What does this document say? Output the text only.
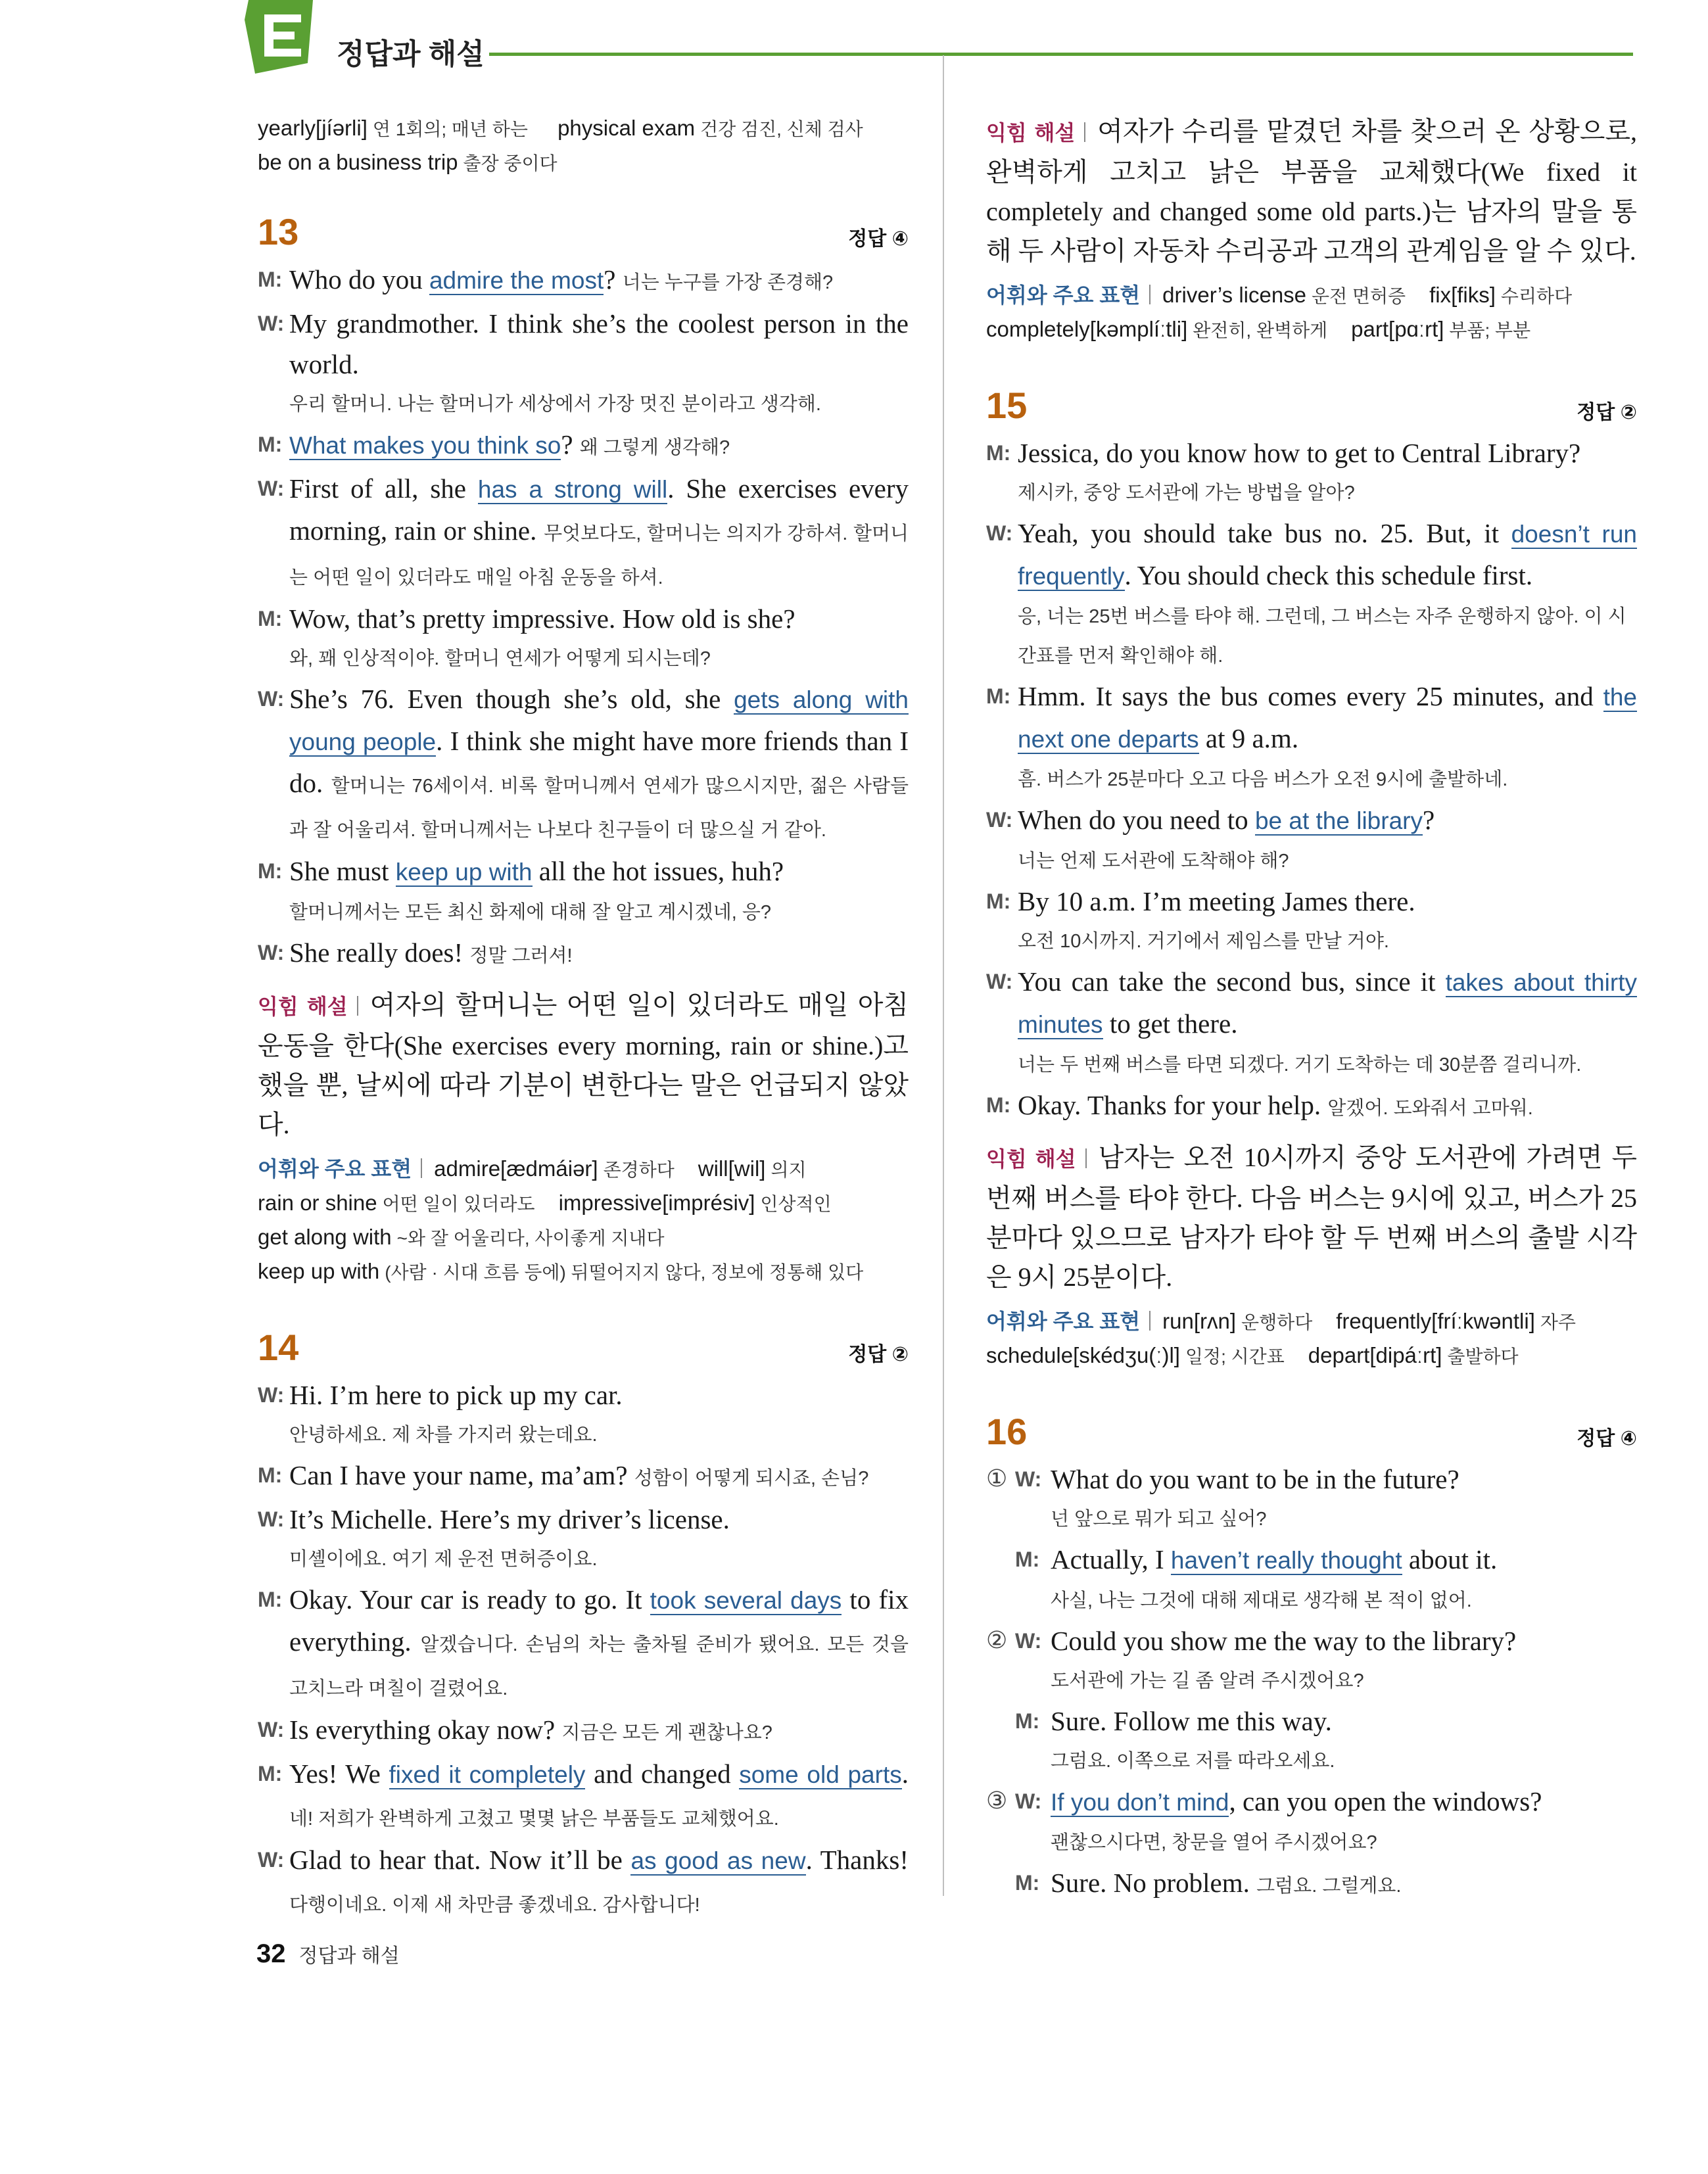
정답과 해설
yearly[jíərli] 연 1회의; 매년 하는 physical exam 건강 검진, 신체 검사
be on a business trip 출장 중이다
13	정답 ④
M: Who do you admire the most? 너는 누구를 가장 존경해?
W: My grandmother. I think she’s the coolest person in the world.
우리 할머니. 나는 할머니가 세상에서 가장 멋진 분이라고 생각해.
M: What makes you think so? 왜 그렇게 생각해?
W: First of all, she has a strong will. She exercises every morning, rain or shine. 무엇보다도, 할머니는 의지가 강하셔. 할머니는 어떤 일이 있더라도 매일 아침 운동을 하셔.
M: Wow, that’s pretty impressive. How old is she?
와, 꽤 인상적이야. 할머니 연세가 어떻게 되시는데?
W: She’s 76. Even though she’s old, she gets along with young people. I think she might have more friends than I do. 할머니는 76세이셔. 비록 할머니께서 연세가 많으시지만, 젊은 사람들과 잘 어울리셔. 할머니께서는 나보다 친구들이 더 많으실 거 같아.
M: She must keep up with all the hot issues, huh?
할머니께서는 모든 최신 화제에 대해 잘 알고 계시겠네, 응?
W: She really does! 정말 그러셔!
익힘 해설 여자의 할머니는 어떤 일이 있더라도 매일 아침 운동을 한다(She exercises every morning, rain or shine.)고 했을 뿐, 날씨에 따라 기분이 변한다는 말은 언급되지 않았다.
어휘와 주요 표현 admire[ædmáiər] 존경하다 will[wil] 의지
rain or shine 어떤 일이 있더라도 impressive[imprésiv] 인상적인
get along with ~와 잘 어울리다, 사이좋게 지내다
keep up with (사람 · 시대 흐름 등에) 뒤떨어지지 않다, 정보에 정통해 있다
14	정답 ②
W: Hi. I’m here to pick up my car.
안녕하세요. 제 차를 가지러 왔는데요.
M: Can I have your name, ma’am? 성함이 어떻게 되시죠, 손님?
W: It’s Michelle. Here’s my driver’s license.
미셸이에요. 여기 제 운전 면허증이요.
M: Okay. Your car is ready to go. It took several days to fix everything. 알겠습니다. 손님의 차는 출차될 준비가 됐어요. 모든 것을 고치느라 며칠이 걸렸어요.
W: Is everything okay now? 지금은 모든 게 괜찮나요?
M: Yes! We fixed it completely and changed some old parts. 네! 저희가 완벽하게 고쳤고 몇몇 낡은 부품들도 교체했어요.
W: Glad to hear that. Now it’ll be as good as new. Thanks! 다행이네요. 이제 새 차만큼 좋겠네요. 감사합니다!
익힘 해설 여자가 수리를 맡겼던 차를 찾으러 온 상황으로, 완벽하게 고치고 낡은 부품을 교체했다(We fixed it completely and changed some old parts.)는 남자의 말을 통해 두 사람이 자동차 수리공과 고객의 관계임을 알 수 있다.
어휘와 주요 표현 driver’s license 운전 면허증 fix[fiks] 수리하다
completely[kəmplíːtli] 완전히, 완벽하게 part[pɑːrt] 부품; 부분
15	정답 ②
M: Jessica, do you know how to get to Central Library?
제시카, 중앙 도서관에 가는 방법을 알아?
W: Yeah, you should take bus no. 25. But, it doesn’t run frequently. You should check this schedule first.
응, 너는 25번 버스를 타야 해. 그런데, 그 버스는 자주 운행하지 않아. 이 시간표를 먼저 확인해야 해.
M: Hmm. It says the bus comes every 25 minutes, and the next one departs at 9 a.m.
흠. 버스가 25분마다 오고 다음 버스가 오전 9시에 출발하네.
W: When do you need to be at the library?
너는 언제 도서관에 도착해야 해?
M: By 10 a.m. I’m meeting James there.
오전 10시까지. 거기에서 제임스를 만날 거야.
W: You can take the second bus, since it takes about thirty minutes to get there.
너는 두 번째 버스를 타면 되겠다. 거기 도착하는 데 30분쯤 걸리니까.
M: Okay. Thanks for your help. 알겠어. 도와줘서 고마워.
익힘 해설 남자는 오전 10시까지 중앙 도서관에 가려면 두 번째 버스를 타야 한다. 다음 버스는 9시에 있고, 버스가 25분마다 있으므로 남자가 타야 할 두 번째 버스의 출발 시각은 9시 25분이다.
어휘와 주요 표현 run[rʌn] 운행하다 frequently[fríːkwəntli] 자주
schedule[skédʒu(ː)l] 일정; 시간표 depart[dipáːrt] 출발하다
16	정답 ④
① W: What do you want to be in the future?
넌 앞으로 뭐가 되고 싶어?
M: Actually, I haven’t really thought about it.
사실, 나는 그것에 대해 제대로 생각해 본 적이 없어.
② W: Could you show me the way to the library?
도서관에 가는 길 좀 알려 주시겠어요?
M: Sure. Follow me this way.
그럼요. 이쪽으로 저를 따라오세요.
③ W: If you don’t mind, can you open the windows?
괜찮으시다면, 창문을 열어 주시겠어요?
M: Sure. No problem. 그럼요. 그럴게요.
32 정답과 해설
